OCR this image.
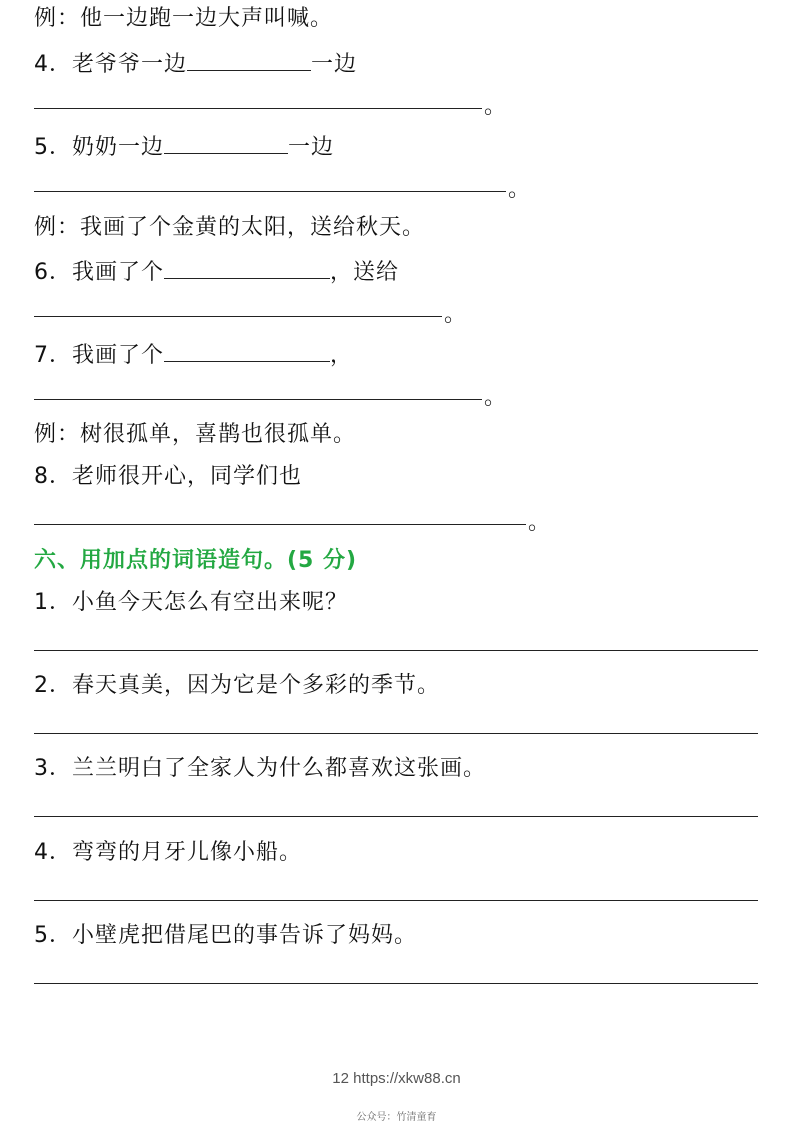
例：他一边跑一边大声叫喊。
4．老爷爷一边	一边
。
5．奶奶一边	一边
。
例：我画了个金黄的太阳，送给秋天。
6．我画了个	，送给
。
7．我画了个	，
。
例：树很孤单，喜鹊也很孤单。
8．老师很开心，同学们也
。
六、用加点的词语造句。(5 分)
1．小鱼今天怎么有空出来呢？
2．春天真美，因为它是个多彩的季节。
3．兰兰明白了全家人为什么都喜欢这张画。
4．弯弯的月牙儿像小船。
5．小壁虎把借尾巴的事告诉了妈妈。
12 https://xkw88.cn
公众号：竹清童育
